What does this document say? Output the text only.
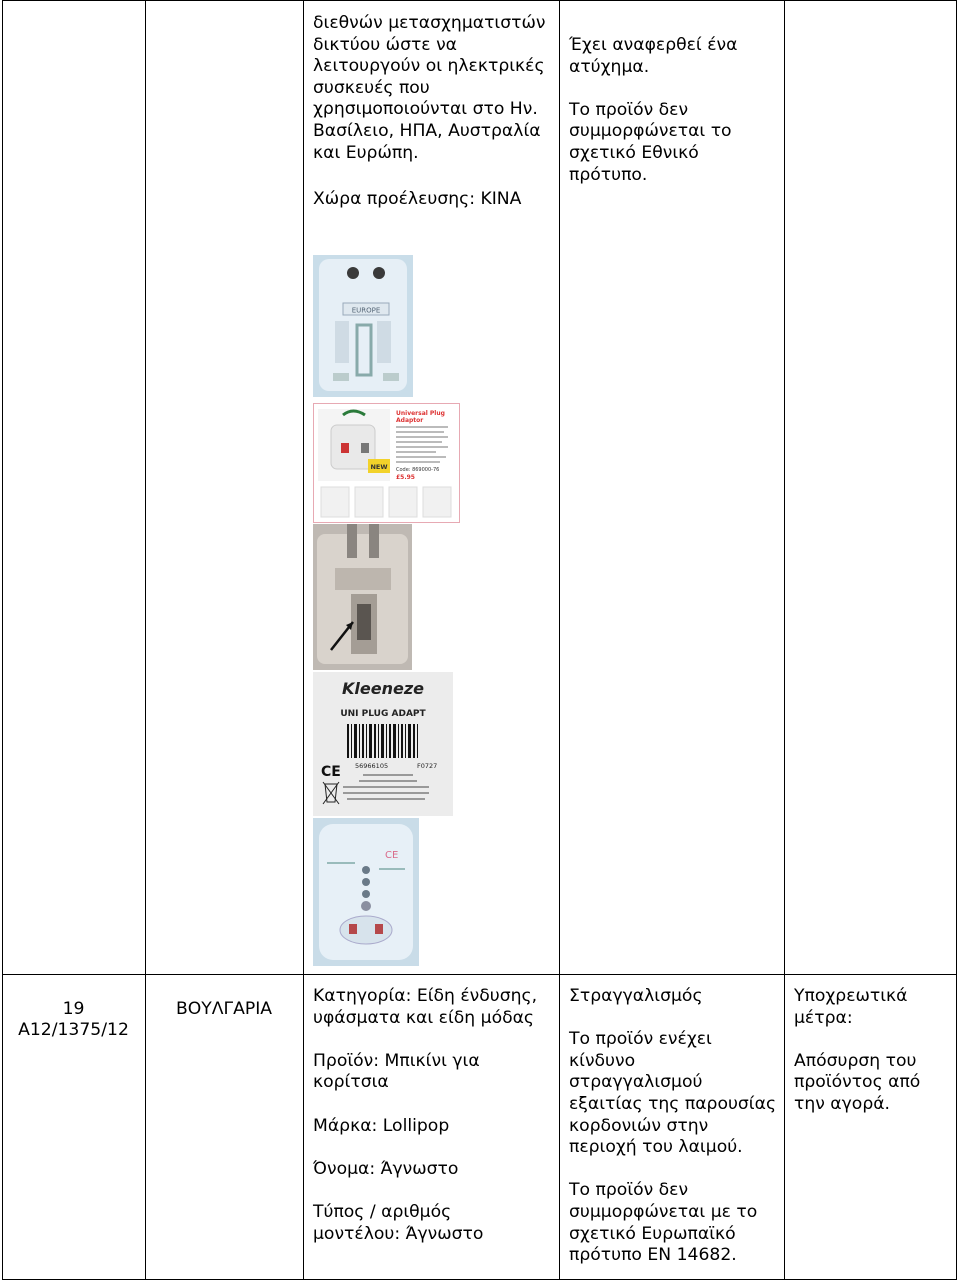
διεθνών μετασχηματιστών

δικτύου ώστε να

λειτουργούν οι ηλεκτρικές

συσκευές που

χρησιμοποιούνται στο Ην.

Βασίλειο, ΗΠΑ, Αυστραλία

και Ευρώπη.

Χώρα προέλευσης: ΚΙΝΑ

Έχει αναφερθεί ένα

ατύχημα.

Το προϊόν δεν

συμμορφώνεται το

σχετικό Εθνικό

πρότυπο.

EUROPE
NEW
Universal Plug
Adaptor
Code: 869000-76
£5.95
Kleeneze
UNI PLUG ADAPT
CE 56966105	F0727
CE
19
A12/1375/12
ΒΟΥΛΓΑΡΙΑ

Κατηγορία: Είδη ένδυσης,

υφάσματα και είδη μόδας

Προϊόν: Μπικίνι για

κορίτσια

Μάρκα: Lollipop

Όνομα: Άγνωστο

Τύπος / αριθμός

μοντέλου: Άγνωστο

Στραγγαλισμός

Το προϊόν ενέχει

κίνδυνο

στραγγαλισμού

εξαιτίας της παρουσίας

κορδονιών στην

περιοχή του λαιμού.

Το προϊόν δεν

συμμορφώνεται με το

σχετικό Ευρωπαϊκό

πρότυπο EN 14682.

Υποχρεωτικά

μέτρα:

Απόσυρση του

προϊόντος από

την αγορά.
